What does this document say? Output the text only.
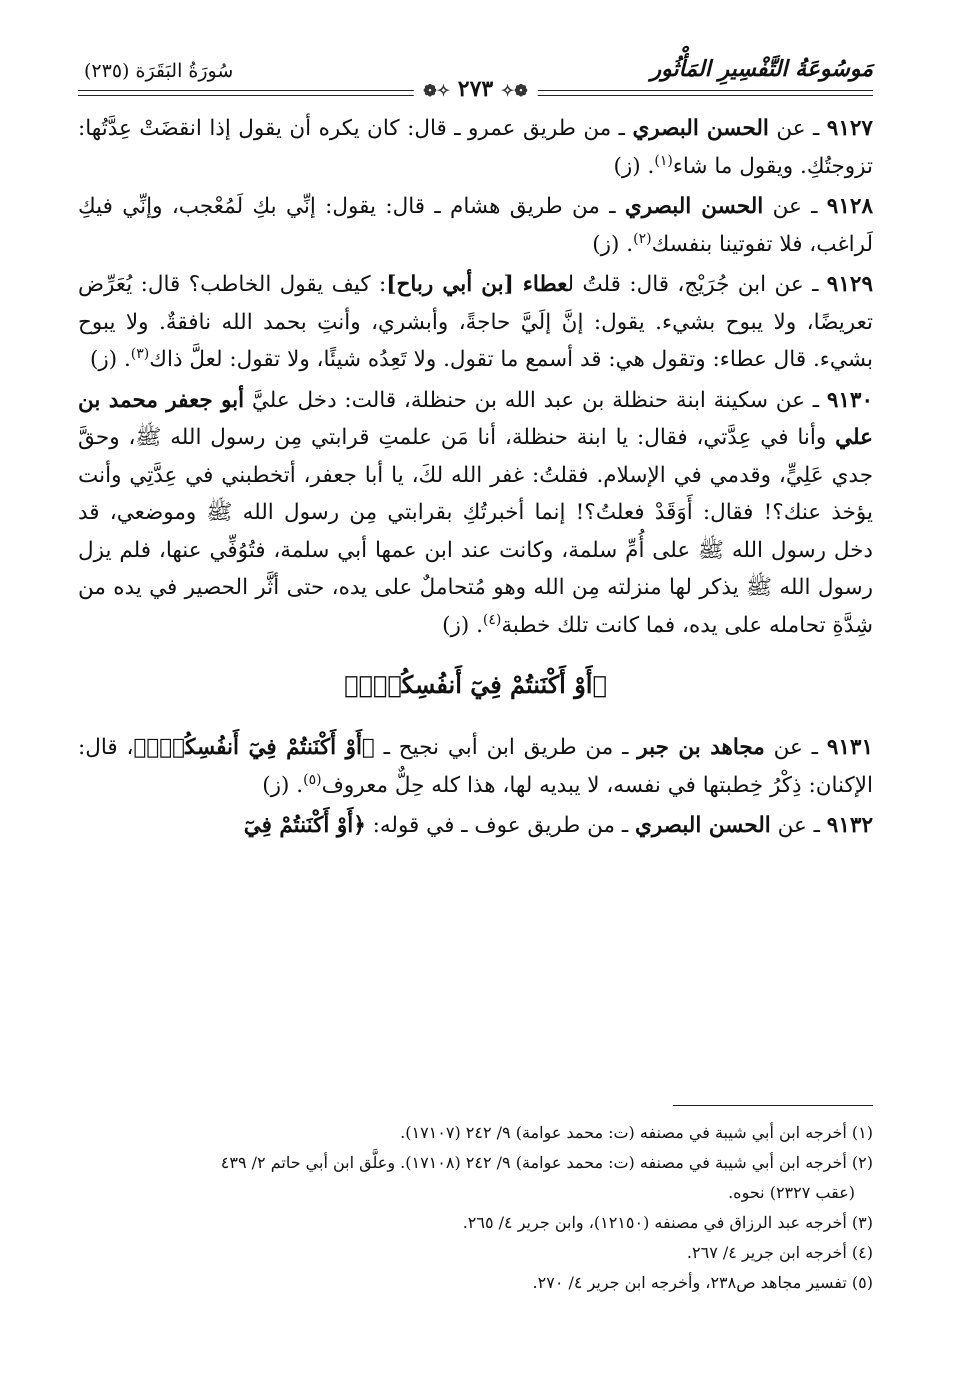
مَوسُوعَةُ التَّفْسِيرِ المَأْثُور
سُورَةُ البَقَرَة (٢٣٥)
❁✧ ٢٧٣ ✧❁

٩١٢٧ ـ عن الحسن البصري ـ من طريق عمرو ـ قال: كان يكره أن يقول إذا انقضَتْ عِدَّتُها: تزوجتُكِ. ويقول ما شاء$^{(١)}$. (ز)

٩١٢٨ ـ عن الحسن البصري ـ من طريق هشام ـ قال: يقول: إنِّي بكِ لَمُعْجب، وإنِّي فيكِ لَراغب، فلا تفوتينا بنفسك$^{(٢)}$. (ز)

٩١٢٩ ـ عن ابن جُرَيْج، قال: قلتُ لعطاء [بن أبي رباح]: كيف يقول الخاطب؟ قال: يُعَرِّض تعريضًا، ولا يبوح بشيء. يقول: إنَّ إلَيَّ حاجةً، وأبشري، وأنتِ بحمد الله نافقةٌ. ولا يبوح بشيء. قال عطاء: وتقول هي: قد أسمع ما تقول. ولا تَعِدُه شيئًا، ولا تقول: لعلَّ ذاك$^{(٣)}$. (ز)

٩١٣٠ ـ عن سكينة ابنة حنظلة بن عبد الله بن حنظلة، قالت: دخل عليَّ أبو جعفر محمد بن علي وأنا في عِدَّتي، فقال: يا ابنة حنظلة، أنا مَن علمتِ قرابتي مِن رسول الله ﷺ، وحقَّ جدي عَلِيٍّ، وقدمي في الإسلام. فقلتُ: غفر الله لكَ، يا أبا جعفر، أتخطبني في عِدَّتِي وأنت يؤخذ عنك؟! فقال: أَوَقَدْ فعلتُ؟! إنما أخبرتُكِ بقرابتي مِن رسول الله ﷺ وموضعي، قد دخل رسول الله ﷺ على أُمِّ سلمة، وكانت عند ابن عمها أبي سلمة، فتُوُفِّي عنها، فلم يزل رسول الله ﷺ يذكر لها منزلته مِن الله وهو مُتحاملٌ على يده، حتى أثَّر الحصير في يده من شِدَّةِ تحامله على يده، فما كانت تلك خطبة$^{(٤)}$. (ز)

﴿أَوْ أَكْنَنتُمْ فِيٓ أَنفُسِكُمْۚ﴾

٩١٣١ ـ عن مجاهد بن جبر ـ من طريق ابن أبي نجيح ـ ﴿أَوْ أَكْنَنتُمْ فِيٓ أَنفُسِكُمْۚ﴾، قال: الإكنان: ذِكْرُ خِطبتها في نفسه، لا يبديه لها، هذا كله حِلٌّ معروف$^{(٥)}$. (ز)

٩١٣٢ ـ عن الحسن البصري ـ من طريق عوف ـ في قوله: ﴿أَوْ أَكْنَنتُمْ فِيٓ

(١) أخرجه ابن أبي شيبة في مصنفه (ت: محمد عوامة) ٩/ ٢٤٢ (١٧١٠٧).

(٢) أخرجه ابن أبي شيبة في مصنفه (ت: محمد عوامة) ٩/ ٢٤٢ (١٧١٠٨). وعلَّق ابن أبي حاتم ٢/ ٤٣٩

(عقب ٢٣٢٧) نحوه.

(٣) أخرجه عبد الرزاق في مصنفه (١٢١٥٠)، وابن جرير ٤/ ٢٦٥.

(٤) أخرجه ابن جرير ٤/ ٢٦٧.

(٥) تفسير مجاهد ص٢٣٨، وأخرجه ابن جرير ٤/ ٢٧٠.
